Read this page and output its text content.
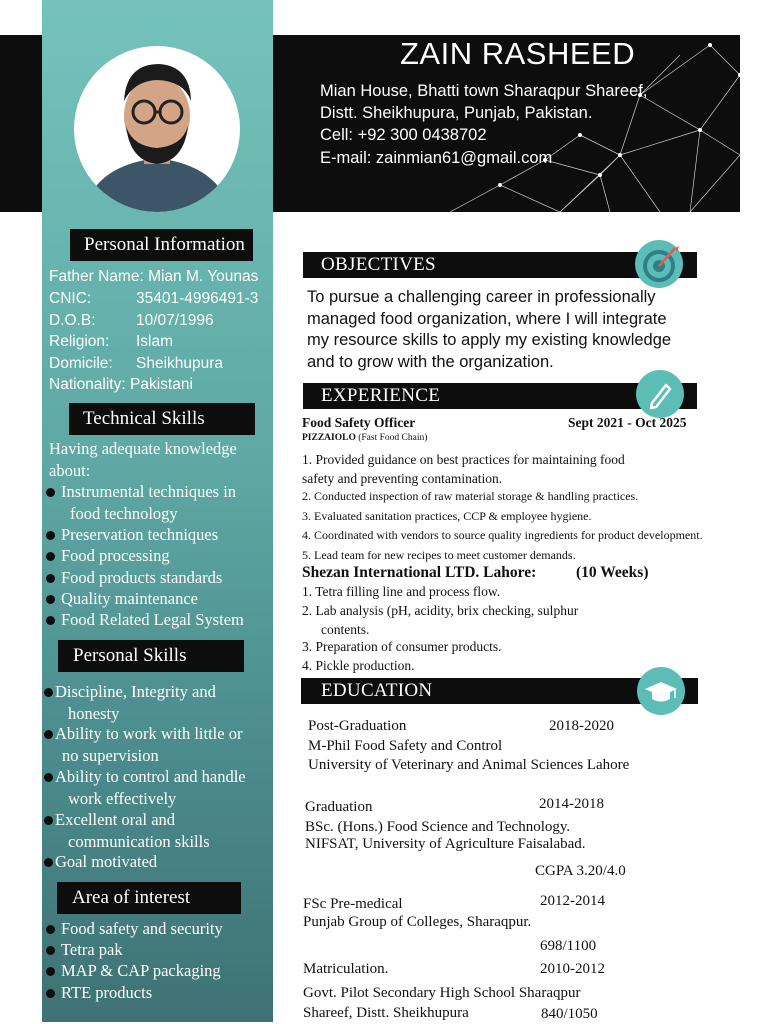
Personal Information
Father Name: Mian M. Younas
CNIC:	35401-4996491-3
D.O.B:	10/07/1996
Religion: Islam
Domicile: Sheikhupura
Nationality: Pakistani
Technical Skills
Having adequate knowledge
about:
Instrumental techniques in
food technology
Preservation techniques
Food processing
Food products standards
Quality maintenance
Food Related Legal System
Personal Skills
Discipline, Integrity and
honesty
Ability to work with little or
no supervision
Ability to control and handle
work effectively
Excellent oral and
communication skills
Goal motivated
Area of interest
Food safety and security
Tetra pak
MAP & CAP packaging
RTE products
ZAIN RASHEED
Mian House, Bhatti town Sharaqpur Shareef,
Distt. Sheikhupura, Punjab, Pakistan.
Cell: +92 300 0438702
E-mail: zainmian61@gmail.com
OBJECTIVES
To pursue a challenging career in professionally
managed food organization, where I will integrate
my resource skills to apply my existing knowledge
and to grow with the organization.
EXPERIENCE
Food Safety Officer	Sept 2021 - Oct 2025
PIZZAIOLO (Fast Food Chain)
1. Provided guidance on best practices for maintaining food
safety and preventing contamination.
2. Conducted inspection of raw material storage & handling practices.
3. Evaluated sanitation practices, CCP & employee hygiene.
4. Coordinated with vendors to source quality ingredients for product development.
5. Lead team for new recipes to meet customer demands.
Shezan International LTD. Lahore:	(10 Weeks)
1. Tetra filling line and process flow.
2. Lab analysis (pH, acidity, brix checking, sulphur
contents.
3. Preparation of consumer products.
4. Pickle production.
EDUCATION
Post-Graduation	2018-2020
M-Phil Food Safety and Control
University of Veterinary and Animal Sciences Lahore
Graduation	2014-2018
BSc. (Hons.) Food Science and Technology.
NIFSAT, University of Agriculture Faisalabad.
CGPA 3.20/4.0
FSc Pre-medical	2012-2014
Punjab Group of Colleges, Sharaqpur.
698/1100
Matriculation.	2010-2012
Govt. Pilot Secondary High School Sharaqpur
Shareef, Distt. Sheikhupura	840/1050
